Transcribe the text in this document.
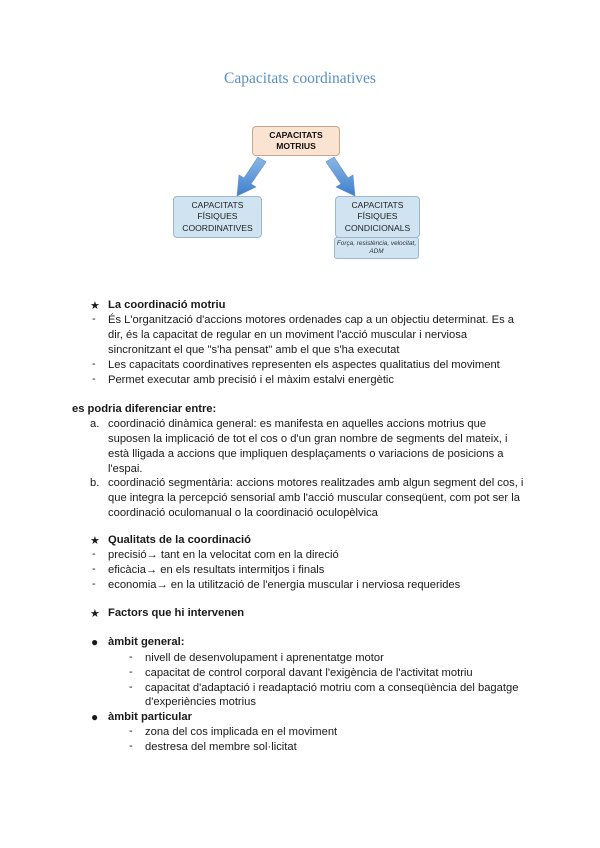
Capacitats coordinatives
CAPACITATS
MOTRIUS
CAPACITATS
FÍSIQUES
COORDINATIVES
CAPACITATS
FÍSIQUES
CONDICIONALS
Força, resistència, velocitat,
ADM
★ La coordinació motriu
- És L'organització d'accions motores ordenades cap a un objectiu determinat. Es a
dir, és la capacitat de regular en un moviment l'acció muscular i nerviosa
sincronitzant el que "s'ha pensat" amb el que s'ha executat
- Les capacitats coordinatives representen els aspectes qualitatius del moviment
- Permet executar amb precisió i el màxim estalvi energètic
es podria diferenciar entre:
a. coordinació dinàmica general: es manifesta en aquelles accions motrius que
suposen la implicació de tot el cos o d'un gran nombre de segments del mateix, i
està lligada a accions que impliquen desplaçaments o variacions de posicions a
l'espai.
b. coordinació segmentària: accions motores realitzades amb algun segment del cos, i
que integra la percepció sensorial amb l'acció muscular conseqüent, com pot ser la
coordinació oculomanual o la coordinació oculopèlvica
★ Qualitats de la coordinació
- precisió→ tant en la velocitat com en la direció
- eficàcia→ en els resultats intermitjos i finals
- economia→ en la utilització de l'energia muscular i nerviosa requerides
★ Factors que hi intervenen
● àmbit general:
- nivell de desenvolupament i aprenentatge motor
- capacitat de control corporal davant l'exigència de l'activitat motriu
- capacitat d'adaptació i readaptació motriu com a conseqüència del bagatge
d'experiències motrius
● àmbit particular
- zona del cos implicada en el moviment
- destresa del membre sol·licitat
